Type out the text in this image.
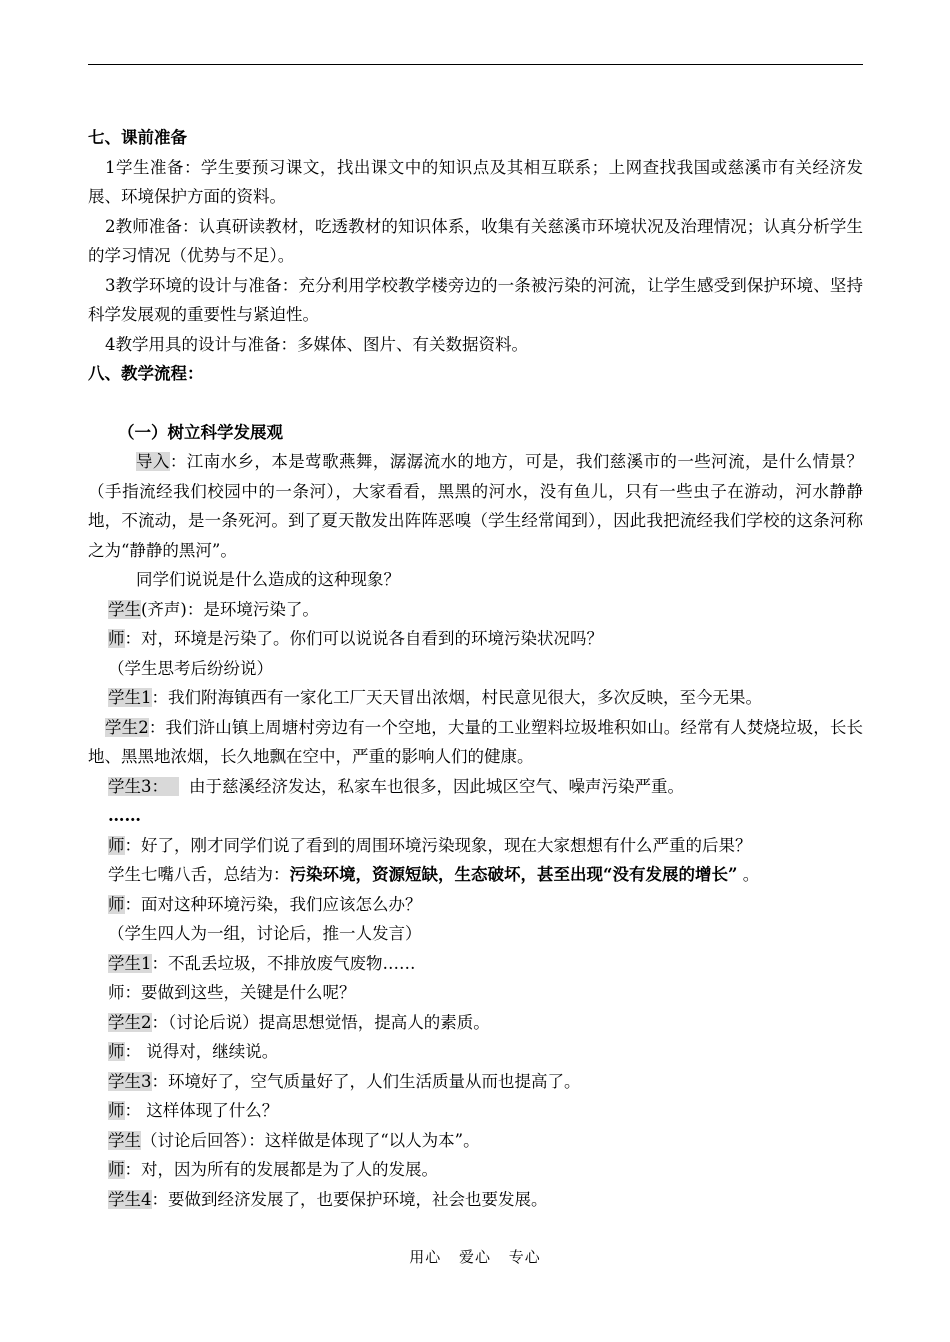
七、课前准备

1学生准备：学生要预习课文，找出课文中的知识点及其相互联系；上网查找我国或慈溪市有关经济发展、环境保护方面的资料。

2教师准备：认真研读教材，吃透教材的知识体系，收集有关慈溪市环境状况及治理情况；认真分析学生的学习情况（优势与不足）。

3教学环境的设计与准备：充分利用学校教学楼旁边的一条被污染的河流，让学生感受到保护环境、坚持科学发展观的重要性与紧迫性。

4教学用具的设计与准备：多媒体、图片、有关数据资料。

八、教学流程：

（一）树立科学发展观

导入：江南水乡，本是莺歌燕舞，潺潺流水的地方，可是，我们慈溪市的一些河流，是什么情景？（手指流经我们校园中的一条河），大家看看，黑黑的河水，没有鱼儿，只有一些虫子在游动，河水静静地，不流动，是一条死河。到了夏天散发出阵阵恶嗅（学生经常闻到），因此我把流经我们学校的这条河称之为“静静的黑河”。

同学们说说是什么造成的这种现象？

学生(齐声)：是环境污染了。

师：对，环境是污染了。你们可以说说各自看到的环境污染状况吗？

（学生思考后纷纷说）

学生1：我们附海镇西有一家化工厂天天冒出浓烟，村民意见很大，多次反映，至今无果。

学生2：我们浒山镇上周塘村旁边有一个空地，大量的工业塑料垃圾堆积如山。经常有人焚烧垃圾，长长地、黑黑地浓烟，长久地飘在空中，严重的影响人们的健康。

学生3： 由于慈溪经济发达，私家车也很多，因此城区空气、噪声污染严重。

……

师：好了，刚才同学们说了看到的周围环境污染现象，现在大家想想有什么严重的后果？

学生七嘴八舌，总结为：污染环境，资源短缺，生态破坏，甚至出现“没有发展的增长” 。

师：面对这种环境污染，我们应该怎么办？

（学生四人为一组，讨论后，推一人发言）

学生1：不乱丢垃圾，不排放废气废物……

师：要做到这些，关键是什么呢？

学生2：（讨论后说）提高思想觉悟，提高人的素质。

师： 说得对，继续说。

学生3：环境好了，空气质量好了，人们生活质量从而也提高了。

师： 这样体现了什么？

学生（讨论后回答）：这样做是体现了“以人为本”。

师：对，因为所有的发展都是为了人的发展。

学生4：要做到经济发展了，也要保护环境，社会也要发展。

用心 爱心 专心
